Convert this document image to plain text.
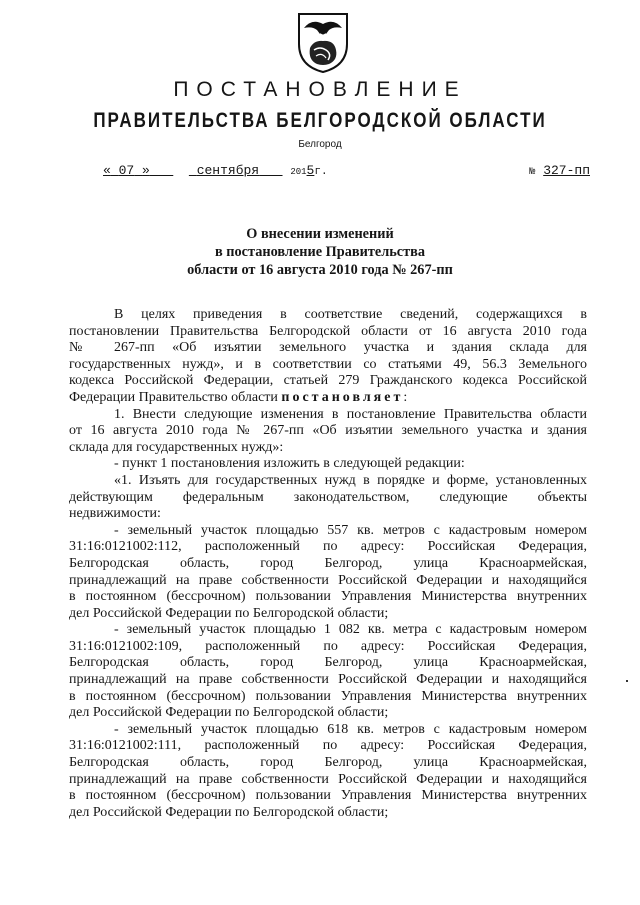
ПОСТАНОВЛЕНИЕ
ПРАВИТЕЛЬСТВА БЕЛГОРОДСКОЙ ОБЛАСТИ
Белгород
« 07 »	сентября	2015г.	№ 327-пп
О внесении изменений
в постановление Правительства
области от 16 августа 2010 года № 267-пп
В целях приведения в соответствие сведений, содержащихся в
постановлении Правительства Белгородской области от 16 августа 2010 года
№ 267-пп «Об изъятии земельного участка и здания склада для
государственных нужд», и в соответствии со статьями 49, 56.3 Земельного
кодекса Российской Федерации, статьей 279 Гражданского кодекса Российской
Федерации Правительство области постановляет:
1. Внести следующие изменения в постановление Правительства области
от 16 августа 2010 года № 267-пп «Об изъятии земельного участка и здания
склада для государственных нужд»:
- пункт 1 постановления изложить в следующей редакции:
«1. Изъять для государственных нужд в порядке и форме, установленных
действующим федеральным законодательством, следующие объекты
недвижимости:
- земельный участок площадью 557 кв. метров с кадастровым номером
31:16:0121002:112, расположенный по адресу: Российская Федерация,
Белгородская область, город Белгород, улица Красноармейская,
принадлежащий на праве собственности Российской Федерации и находящийся
в постоянном (бессрочном) пользовании Управления Министерства внутренних
дел Российской Федерации по Белгородской области;
- земельный участок площадью 1 082 кв. метра с кадастровым номером
31:16:0121002:109, расположенный по адресу: Российская Федерация,
Белгородская область, город Белгород, улица Красноармейская,
принадлежащий на праве собственности Российской Федерации и находящийся
в постоянном (бессрочном) пользовании Управления Министерства внутренних
дел Российской Федерации по Белгородской области;
- земельный участок площадью 618 кв. метров с кадастровым номером
31:16:0121002:111, расположенный по адресу: Российская Федерация,
Белгородская область, город Белгород, улица Красноармейская,
принадлежащий на праве собственности Российской Федерации и находящийся
в постоянном (бессрочном) пользовании Управления Министерства внутренних
дел Российской Федерации по Белгородской области;
